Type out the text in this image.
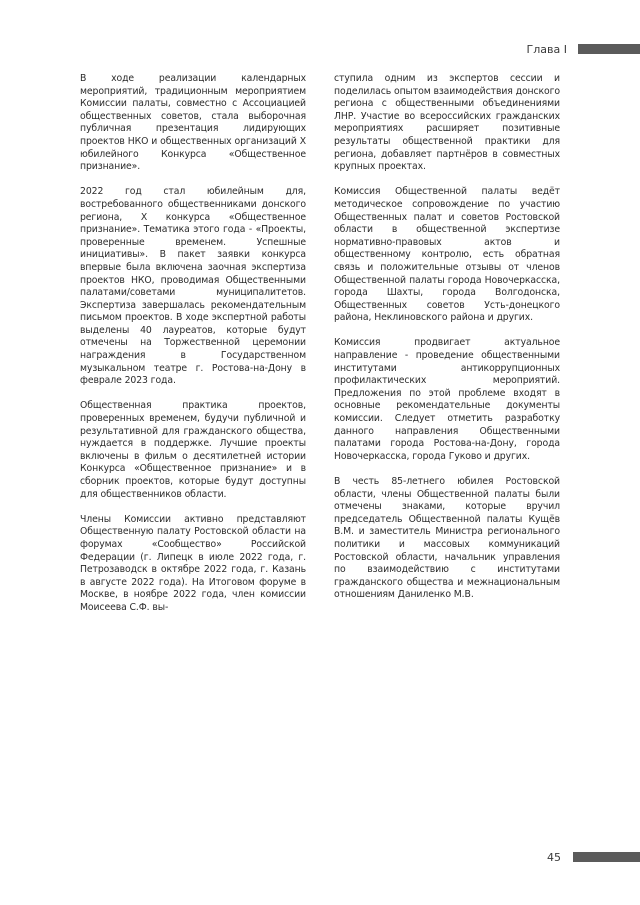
Глава I

В ходе реализации календарных мероприятий, традиционным мероприятием Комиссии палаты, совместно с Ассоциацией общественных советов, стала выборочная публичная презентация лидирующих проектов НКО и общественных организаций X юбилейного Конкурса «Общественное признание».

2022 год стал юбилейным для, востребованного общественниками донского региона, X конкурса «Общественное признание». Тематика этого года - «Проекты, проверенные временем. Успешные инициативы». В пакет заявки конкурса впервые была включена заочная экспертиза проектов НКО, проводимая Общественными палатами/советами муниципалитетов. Экспертиза завершалась рекомендательным письмом проектов. В ходе экспертной работы выделены 40 лауреатов, которые будут отмечены на Торжественной церемонии награждения в Государственном музыкальном театре г. Ростова-на-Дону в феврале 2023 года.

Общественная практика проектов, проверенных временем, будучи публичной и результативной для гражданского общества, нуждается в поддержке. Лучшие проекты включены в фильм о десятилетней истории Конкурса «Общественное признание» и в сборник проектов, которые будут доступны для общественников области.

Члены Комиссии активно представляют Общественную палату Ростовской области на форумах «Сообщество» Российской Федерации (г. Липецк в июле 2022 года, г. Петрозаводск в октябре 2022 года, г. Казань в августе 2022 года). На Итоговом форуме в Москве, в ноябре 2022 года, член комиссии Моисеева С.Ф. вы-

ступила одним из экспертов сессии и поделилась опытом взаимодействия донского региона с общественными объединениями ЛНР. Участие во всероссийских гражданских мероприятиях расширяет позитивные результаты общественной практики для региона, добавляет партнёров в совместных крупных проектах.

Комиссия Общественной палаты ведёт методическое сопровождение по участию Общественных палат и советов Ростовской области в общественной экспертизе нормативно-правовых актов и общественному контролю, есть обратная связь и положительные отзывы от членов Общественной палаты города Новочеркасска, города Шахты, города Волгодонска, Общественных советов Усть-донецкого района, Неклиновского района и других.

Комиссия продвигает актуальное направление - проведение общественными институтами антикоррупционных профилактических мероприятий. Предложения по этой проблеме входят в основные рекомендательные документы комиссии. Следует отметить разработку данного направления Общественными палатами города Ростова-на-Дону, города Новочеркасска, города Гуково и других.

В честь 85-летнего юбилея Ростовской области, члены Общественной палаты были отмечены знаками, которые вручил председатель Общественной палаты Кущёв В.М. и заместитель Министра регионального политики и массовых коммуникаций Ростовской области, начальник управления по взаимодействию с институтами гражданского общества и межнациональным отношениям Даниленко М.В.

45
